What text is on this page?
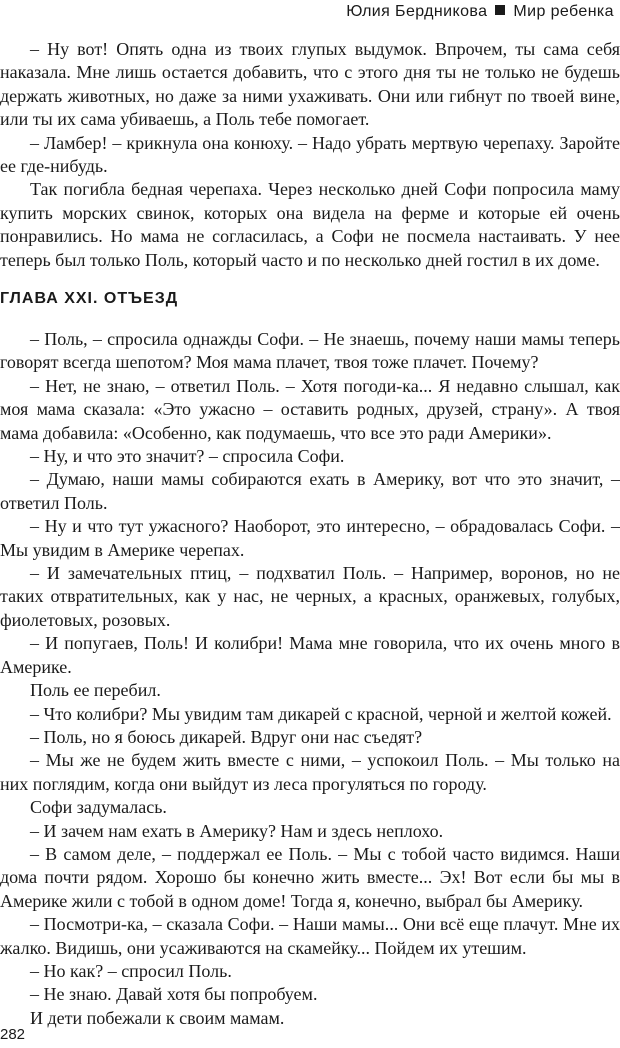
Юлия Бердникова Мир ребенка

– Ну вот! Опять одна из твоих глупых выдумок. Впрочем, ты сама себя наказала. Мне лишь остается добавить, что с этого дня ты не только не будешь держать животных, но даже за ними ухаживать. Они или гибнут по твоей вине, или ты их сама убиваешь, а Поль тебе помогает.

– Ламбер! – крикнула она конюху. – Надо убрать мертвую черепаху. Заройте ее где-нибудь.

Так погибла бедная черепаха. Через несколько дней Софи попросила маму купить морских свинок, которых она видела на ферме и которые ей очень понравились. Но мама не согласилась, а Софи не посмела настаивать. У нее теперь был только Поль, который часто и по несколько дней гостил в их доме.

ГЛАВА XXI. ОТЪЕЗД

– Поль, – спросила однажды Софи. – Не знаешь, почему наши мамы теперь говорят всегда шепотом? Моя мама плачет, твоя тоже плачет. Почему?

– Нет, не знаю, – ответил Поль. – Хотя погоди-ка... Я недавно слышал, как моя мама сказала: «Это ужасно – оставить родных, друзей, страну». А твоя мама добавила: «Особенно, как подумаешь, что все это ради Америки».

– Ну, и что это значит? – спросила Софи.

– Думаю, наши мамы собираются ехать в Америку, вот что это значит, – ответил Поль.

– Ну и что тут ужасного? Наоборот, это интересно, – обрадовалась Софи. – Мы увидим в Америке черепах.

– И замечательных птиц, – подхватил Поль. – Например, воронов, но не таких отвратительных, как у нас, не черных, а красных, оранжевых, голубых, фиолетовых, розовых.

– И попугаев, Поль! И колибри! Мама мне говорила, что их очень много в Америке.

Поль ее перебил.

– Что колибри? Мы увидим там дикарей с красной, черной и желтой кожей.

– Поль, но я боюсь дикарей. Вдруг они нас съедят?

– Мы же не будем жить вместе с ними, – успокоил Поль. – Мы только на них поглядим, когда они выйдут из леса прогуляться по городу.

Софи задумалась.

– И зачем нам ехать в Америку? Нам и здесь неплохо.

– В самом деле, – поддержал ее Поль. – Мы с тобой часто видимся. Наши дома почти рядом. Хорошо бы конечно жить вместе... Эх! Вот если бы мы в Америке жили с тобой в одном доме! Тогда я, конечно, выбрал бы Америку.

– Посмотри-ка, – сказала Софи. – Наши мамы... Они всё еще плачут. Мне их жалко. Видишь, они усаживаются на скамейку... Пойдем их утешим.

– Но как? – спросил Поль.

– Не знаю. Давай хотя бы попробуем.

И дети побежали к своим мамам.

282
